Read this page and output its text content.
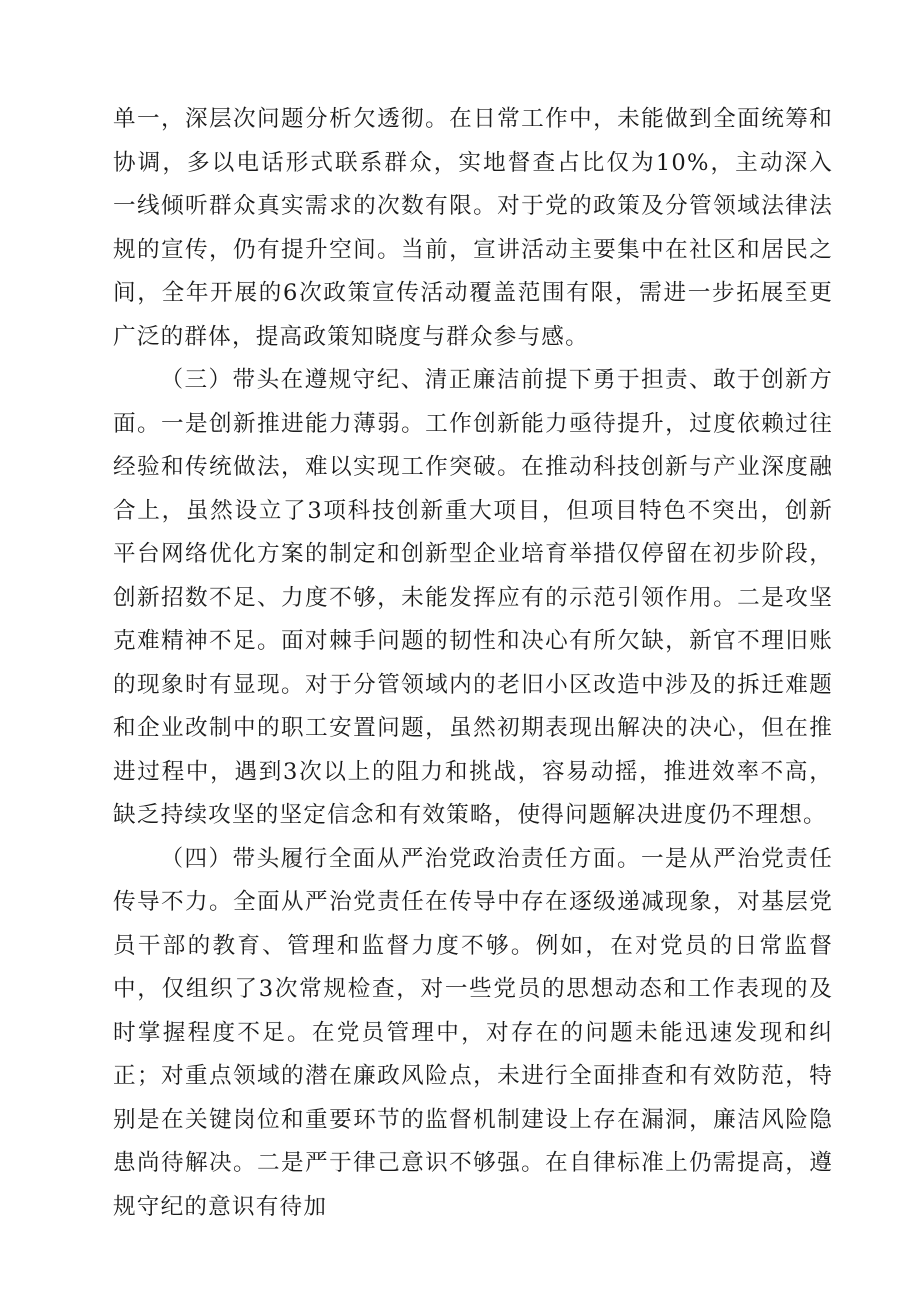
单一，深层次问题分析欠透彻。在日常工作中，未能做到全面统筹和协调，多以电话形式联系群众，实地督查占比仅为10%，主动深入一线倾听群众真实需求的次数有限。对于党的政策及分管领域法律法规的宣传，仍有提升空间。当前，宣讲活动主要集中在社区和居民之间，全年开展的6次政策宣传活动覆盖范围有限，需进一步拓展至更广泛的群体，提高政策知晓度与群众参与感。

（三）带头在遵规守纪、清正廉洁前提下勇于担责、敢于创新方面。一是创新推进能力薄弱。工作创新能力亟待提升，过度依赖过往经验和传统做法，难以实现工作突破。在推动科技创新与产业深度融合上，虽然设立了3项科技创新重大项目，但项目特色不突出，创新平台网络优化方案的制定和创新型企业培育举措仅停留在初步阶段，创新招数不足、力度不够，未能发挥应有的示范引领作用。二是攻坚克难精神不足。面对棘手问题的韧性和决心有所欠缺，新官不理旧账的现象时有显现。对于分管领域内的老旧小区改造中涉及的拆迁难题和企业改制中的职工安置问题，虽然初期表现出解决的决心，但在推进过程中，遇到3次以上的阻力和挑战，容易动摇，推进效率不高，缺乏持续攻坚的坚定信念和有效策略，使得问题解决进度仍不理想。

（四）带头履行全面从严治党政治责任方面。一是从严治党责任传导不力。全面从严治党责任在传导中存在逐级递减现象，对基层党员干部的教育、管理和监督力度不够。例如，在对党员的日常监督中，仅组织了3次常规检查，对一些党员的思想动态和工作表现的及时掌握程度不足。在党员管理中，对存在的问题未能迅速发现和纠正；对重点领域的潜在廉政风险点，未进行全面排查和有效防范，特别是在关键岗位和重要环节的监督机制建设上存在漏洞，廉洁风险隐患尚待解决。二是严于律己意识不够强。在自律标准上仍需提高，遵规守纪的意识有待加
